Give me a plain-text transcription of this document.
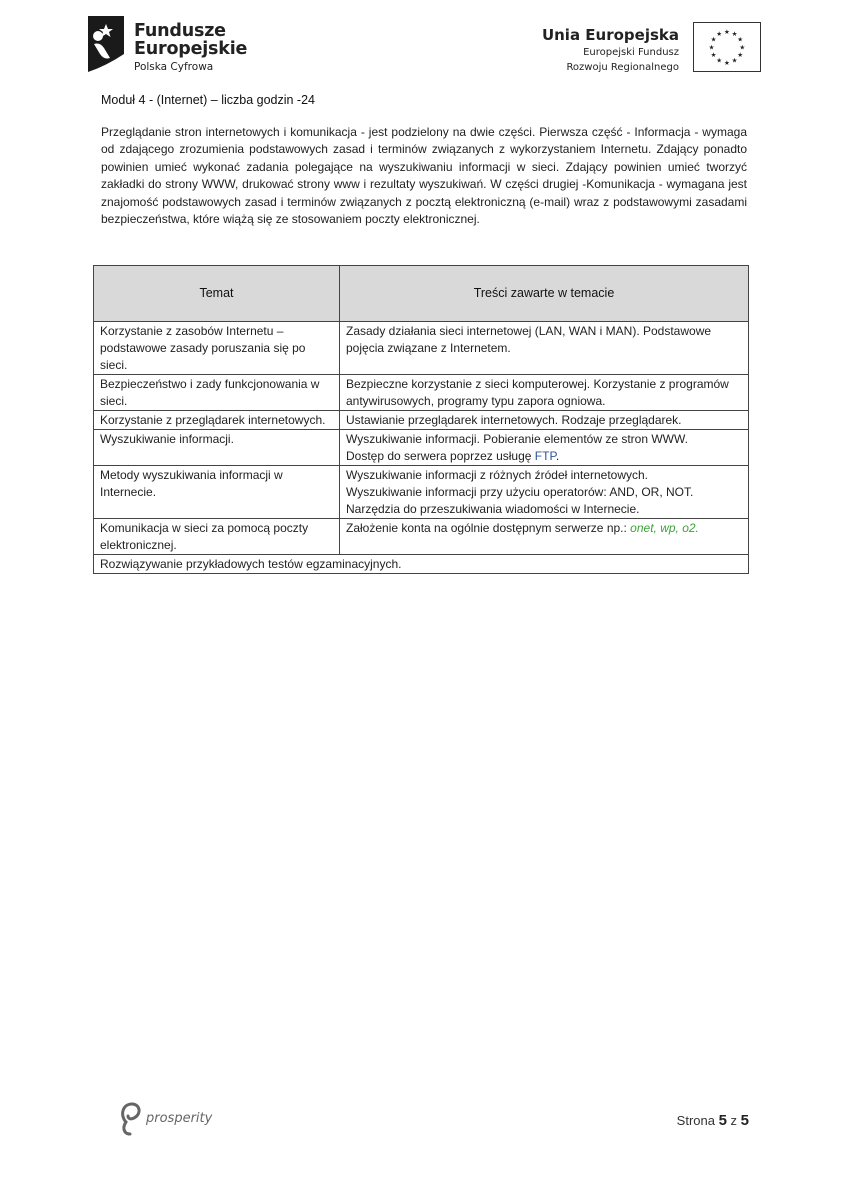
Fundusze
Europejskie
Polska Cyfrowa
Unia Europejska
Europejski Fundusz
Rozwoju Regionalnego
★
★
★
★
★
★
★
★
★ ★ ★
★
Moduł 4 - (Internet) – liczba godzin -24

Przeglądanie stron internetowych i komunikacja - jest podzielony na dwie części. Pierwsza część - Informacja - wymaga od zdającego zrozumienia podstawowych zasad i terminów związanych z wykorzystaniem Internetu. Zdający ponadto powinien umieć wykonać zadania polegające na wyszukiwaniu informacji w sieci. Zdający powinien umieć tworzyć zakładki do strony WWW, drukować strony www i rezultaty wyszukiwań. W części drugiej -Komunikacja - wymagana jest znajomość podstawowych zasad i terminów związanych z pocztą elektroniczną (e-mail) wraz z podstawowymi zasadami bezpieczeństwa, które wiążą się ze stosowaniem poczty elektronicznej.

Temat	Treści zawarte w temacie
Korzystanie z zasobów Internetu – podstawowe zasady poruszania się po sieci.	Zasady działania sieci internetowej (LAN, WAN i MAN). Podstawowe pojęcia związane z Internetem.
Bezpieczeństwo i zady funkcjonowania w sieci.	Bezpieczne korzystanie z sieci komputerowej. Korzystanie z programów antywirusowych, programy typu zapora ogniowa.
Korzystanie z przeglądarek internetowych.	Ustawianie przeglądarek internetowych. Rodzaje przeglądarek.
Wyszukiwanie informacji.	Wyszukiwanie informacji. Pobieranie elementów ze stron WWW.
Dostęp do serwera poprzez usługę FTP.
Metody wyszukiwania informacji w Internecie.	Wyszukiwanie informacji z różnych źródeł internetowych.
Wyszukiwanie informacji przy użyciu operatorów: AND, OR, NOT.
Narzędzia do przeszukiwania wiadomości w Internecie.
Komunikacja w sieci za pomocą poczty elektronicznej.	Założenie konta na ogólnie dostępnym serwerze np.: onet, wp, o2.
Rozwiązywanie przykładowych testów egzaminacyjnych.	
prosperity	Strona 5 z 5
